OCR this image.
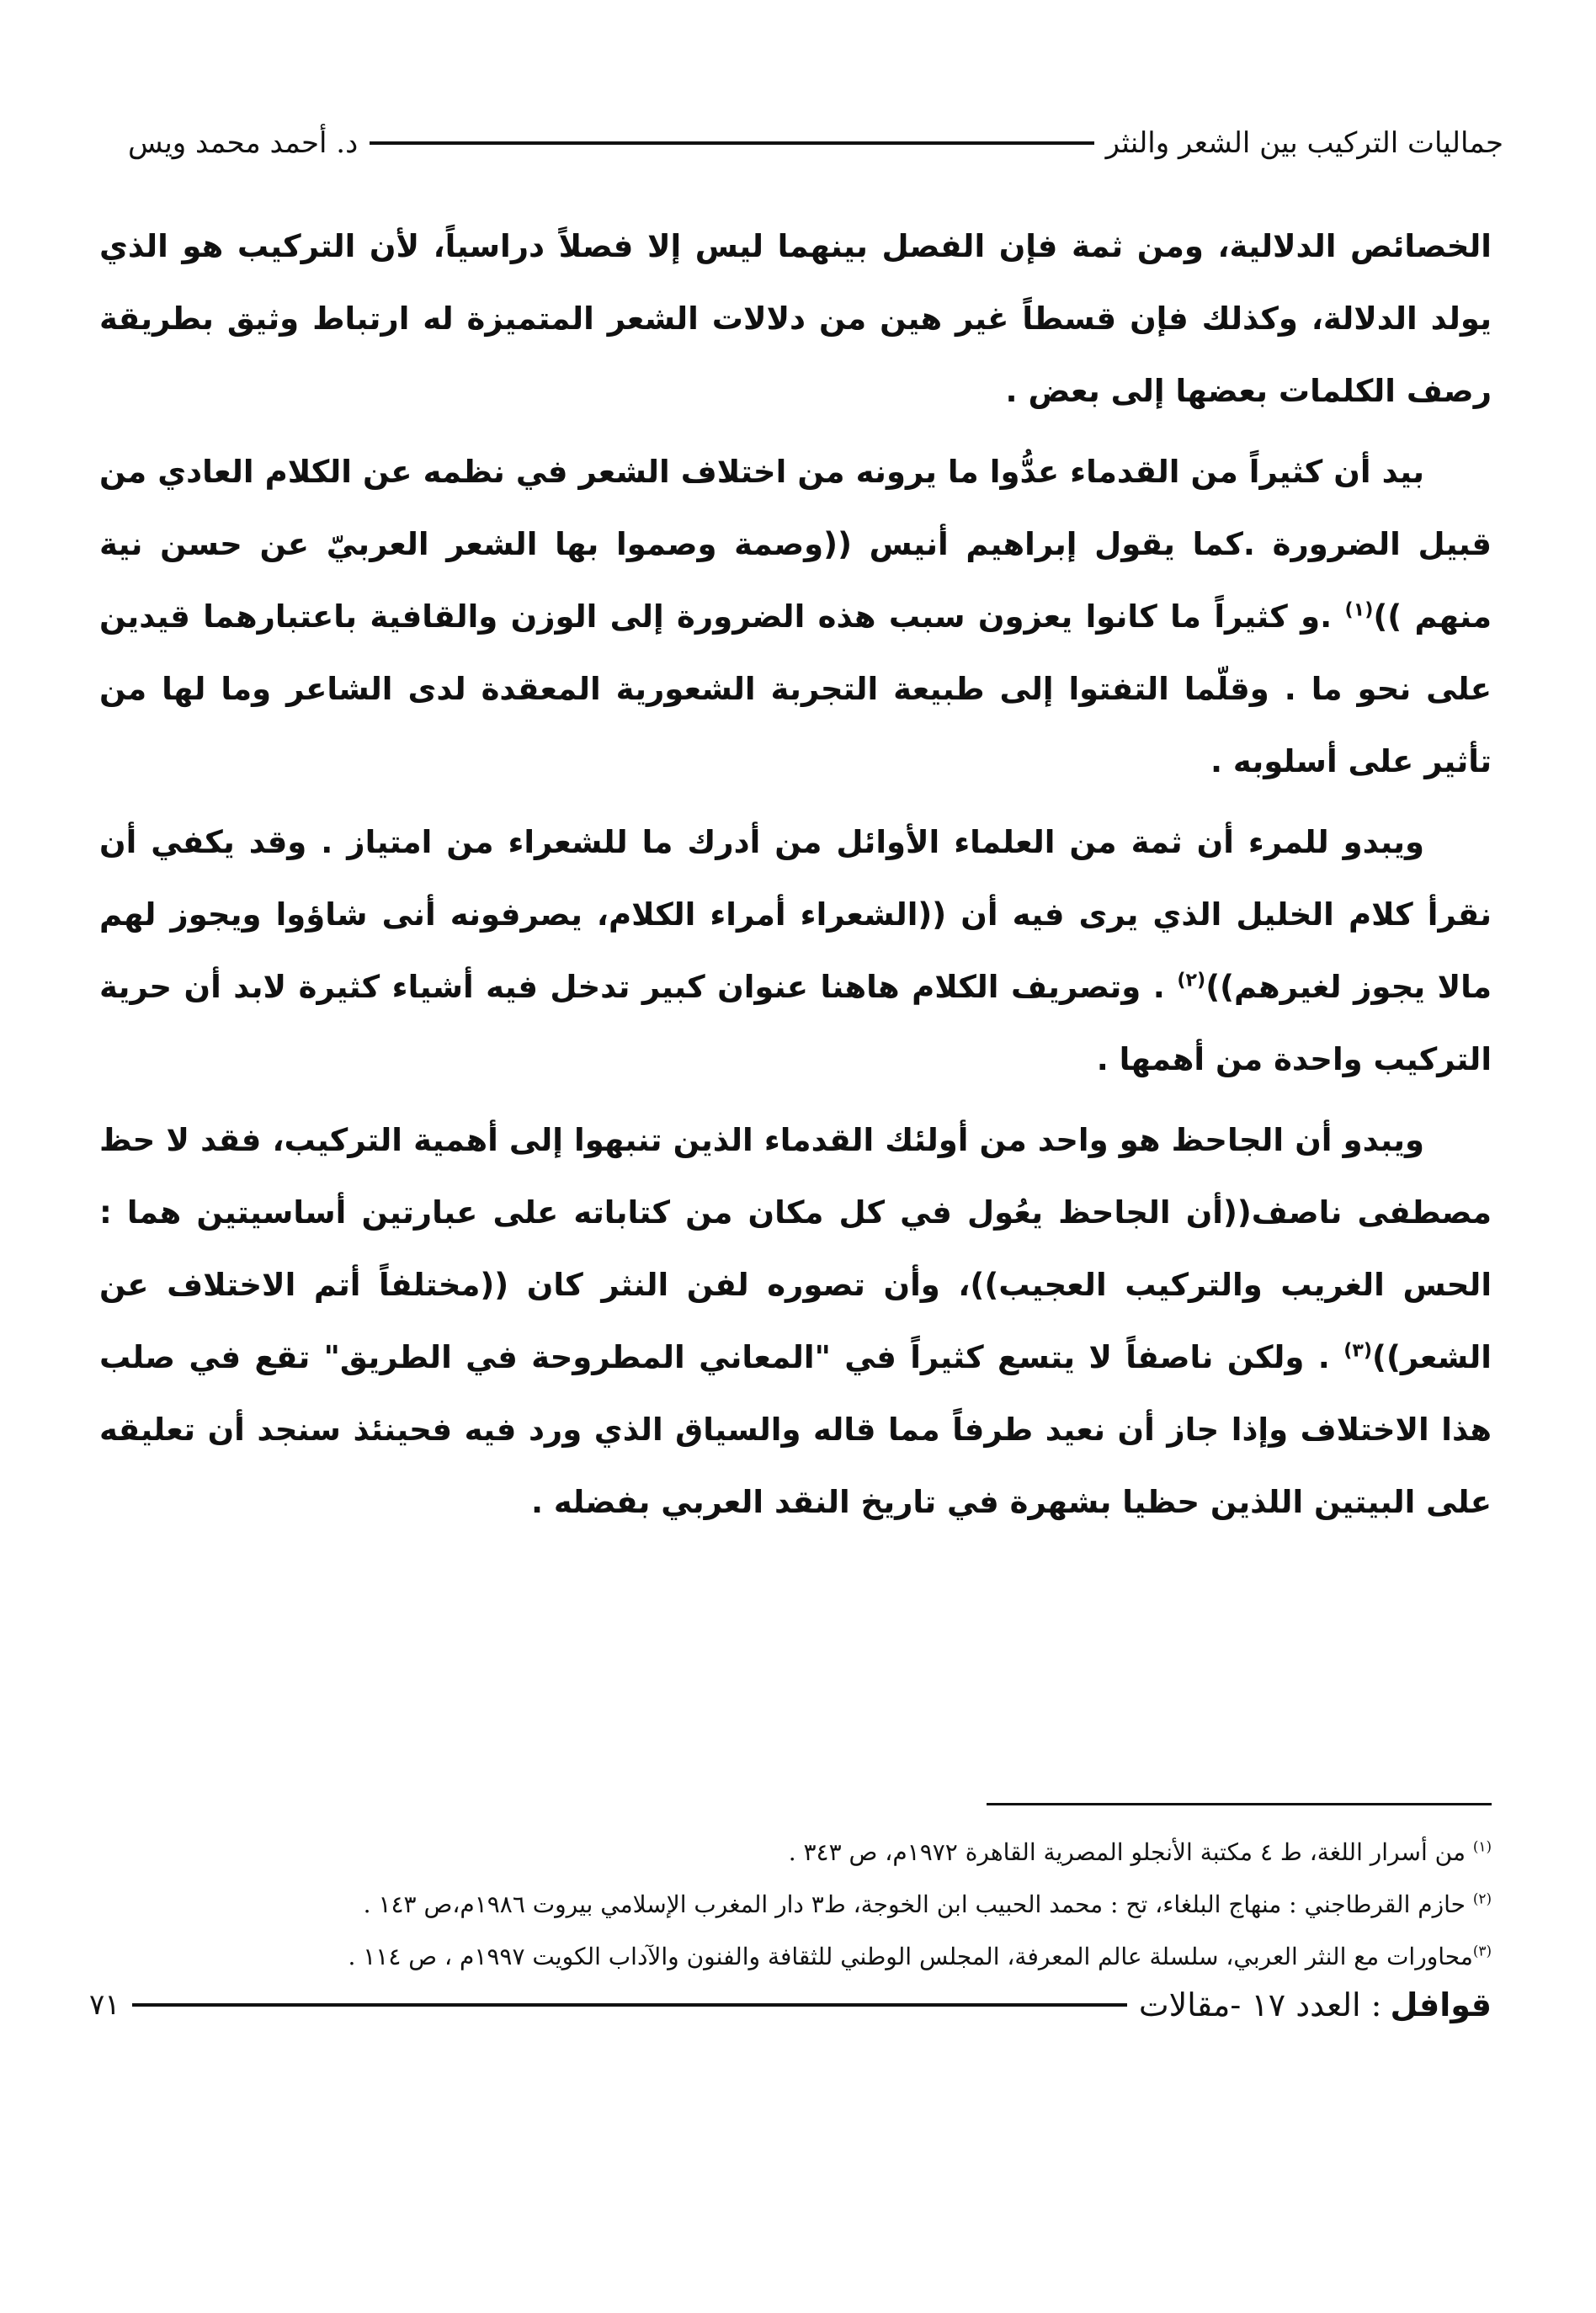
جماليات التركيب بين الشعر والنثر
د. أحمد محمد ويس

الخصائص الدلالية، ومن ثمة فإن الفصل بينهما ليس إلا فصلاً دراسياً، لأن التركيب هو الذي يولد الدلالة، وكذلك فإن قسطاً غير هين من دلالات الشعر المتميزة له ارتباط وثيق بطريقة رصف الكلمات بعضها إلى بعض .

بيد أن كثيراً من القدماء عدُّوا ما يرونه من اختلاف الشعر في نظمه عن الكلام العادي من قبيل الضرورة .كما يقول إبراهيم أنيس ((وصمة وصموا بها الشعر العربيّ عن حسن نية منهم ))$^{(١)}$ .و كثيراً ما كانوا يعزون سبب هذه الضرورة إلى الوزن والقافية باعتبارهما قيدين على نحو ما . وقلّما التفتوا إلى طبيعة التجربة الشعورية المعقدة لدى الشاعر وما لها من تأثير على أسلوبه .

ويبدو للمرء أن ثمة من العلماء الأوائل من أدرك ما للشعراء من امتياز . وقد يكفي أن نقرأ كلام الخليل الذي يرى فيه أن ((الشعراء أمراء الكلام، يصرفونه أنى شاؤوا ويجوز لهم مالا يجوز لغيرهم))$^{(٢)}$ . وتصريف الكلام هاهنا عنوان كبير تدخل فيه أشياء كثيرة لابد أن حرية التركيب واحدة من أهمها .

ويبدو أن الجاحظ هو واحد من أولئك القدماء الذين تنبهوا إلى أهمية التركيب، فقد لا حظ مصطفى ناصف((أن الجاحظ يعُول في كل مكان من كتاباته على عبارتين أساسيتين هما : الحس الغريب والتركيب العجيب))، وأن تصوره لفن النثر كان ((مختلفاً أتم الاختلاف عن الشعر))$^{(٣)}$ . ولكن ناصفاً لا يتسع كثيراً في "المعاني المطروحة في الطريق" تقع في صلب هذا الاختلاف وإذا جاز أن نعيد طرفاً مما قاله والسياق الذي ورد فيه فحينئذ سنجد أن تعليقه على البيتين اللذين حظيا بشهرة في تاريخ النقد العربي بفضله .

$^{(١)}$ من أسرار اللغة، ط ٤ مكتبة الأنجلو المصرية القاهرة ١٩٧٢م، ص ٣٤٣ .
$^{(٢)}$ حازم القرطاجني : منهاج البلغاء، تح : محمد الحبيب ابن الخوجة، ط٣ دار المغرب الإسلامي بيروت ١٩٨٦م،ص ١٤٣ .
$^{(٣)}$محاورات مع النثر العربي، سلسلة عالم المعرفة، المجلس الوطني للثقافة والفنون والآداب الكويت ١٩٩٧م ، ص ١١٤ .
قوافل
: العدد ١٧ -مقالات
٧١
